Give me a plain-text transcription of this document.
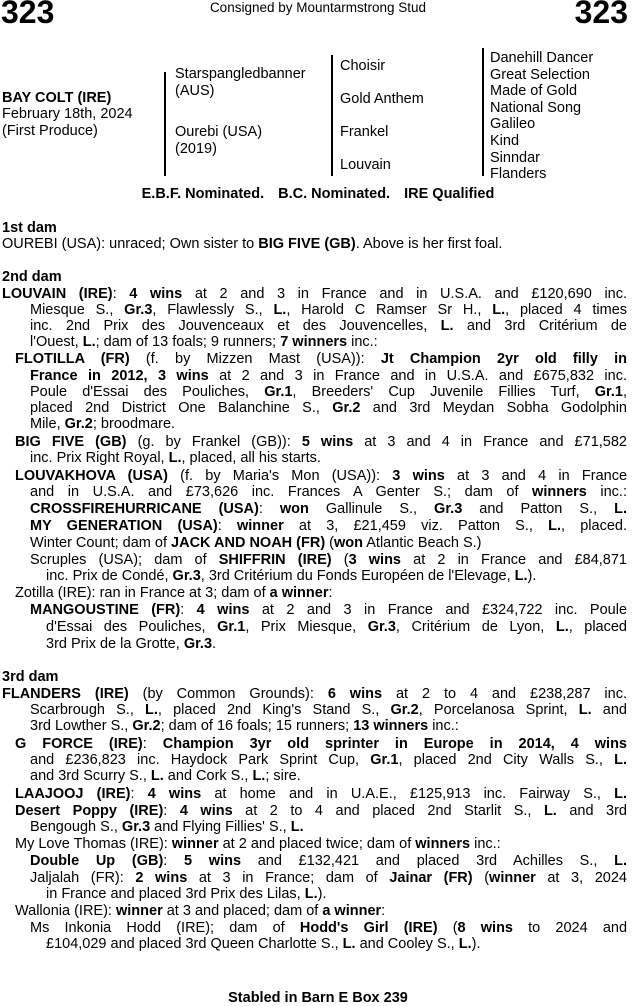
323	323
Consigned by Mountarmstrong Stud
BAY COLT (IRE)
February 18th, 2024
(First Produce)
Starspangledbanner
(AUS)
Ourebi (USA)
(2019)
Choisir
Gold Anthem
Frankel
Louvain
Danehill Dancer
Great Selection
Made of Gold
National Song
Galileo
Kind
Sinndar
Flanders
E.B.F. Nominated. B.C. Nominated. IRE Qualified
1st dam
OUREBI (USA): unraced; Own sister to BIG FIVE (GB). Above is her first foal.
2nd dam
LOUVAIN (IRE): 4 wins at 2 and 3 in France and in U.S.A. and £120,690 inc.
Miesque S., Gr.3, Flawlessly S., L., Harold C Ramser Sr H., L., placed 4 times
inc. 2nd Prix des Jouvenceaux et des Jouvencelles, L. and 3rd Critérium de
l'Ouest, L.; dam of 13 foals; 9 runners; 7 winners inc.:
FLOTILLA (FR) (f. by Mizzen Mast (USA)): Jt Champion 2yr old filly in
France in 2012, 3 wins at 2 and 3 in France and in U.S.A. and £675,832 inc.
Poule d'Essai des Pouliches, Gr.1, Breeders' Cup Juvenile Fillies Turf, Gr.1,
placed 2nd District One Balanchine S., Gr.2 and 3rd Meydan Sobha Godolphin
Mile, Gr.2; broodmare.
BIG FIVE (GB) (g. by Frankel (GB)): 5 wins at 3 and 4 in France and £71,582
inc. Prix Right Royal, L., placed, all his starts.
LOUVAKHOVA (USA) (f. by Maria's Mon (USA)): 3 wins at 3 and 4 in France
and in U.S.A. and £73,626 inc. Frances A Genter S.; dam of winners inc.:
CROSSFIREHURRICANE (USA): won Gallinule S., Gr.3 and Patton S., L.
MY GENERATION (USA): winner at 3, £21,459 viz. Patton S., L., placed.
Winter Count; dam of JACK AND NOAH (FR) (won Atlantic Beach S.)
Scruples (USA); dam of SHIFFRIN (IRE) (3 wins at 2 in France and £84,871
inc. Prix de Condé, Gr.3, 3rd Critérium du Fonds Européen de l'Elevage, L.).
Zotilla (IRE): ran in France at 3; dam of a winner:
MANGOUSTINE (FR): 4 wins at 2 and 3 in France and £324,722 inc. Poule
d'Essai des Pouliches, Gr.1, Prix Miesque, Gr.3, Critérium de Lyon, L., placed
3rd Prix de la Grotte, Gr.3.
3rd dam
FLANDERS (IRE) (by Common Grounds): 6 wins at 2 to 4 and £238,287 inc.
Scarbrough S., L., placed 2nd King's Stand S., Gr.2, Porcelanosa Sprint, L. and
3rd Lowther S., Gr.2; dam of 16 foals; 15 runners; 13 winners inc.:
G FORCE (IRE): Champion 3yr old sprinter in Europe in 2014, 4 wins
and £236,823 inc. Haydock Park Sprint Cup, Gr.1, placed 2nd City Walls S., L.
and 3rd Scurry S., L. and Cork S., L.; sire.
LAAJOOJ (IRE): 4 wins at home and in U.A.E., £125,913 inc. Fairway S., L.
Desert Poppy (IRE): 4 wins at 2 to 4 and placed 2nd Starlit S., L. and 3rd
Bengough S., Gr.3 and Flying Fillies' S., L.
My Love Thomas (IRE): winner at 2 and placed twice; dam of winners inc.:
Double Up (GB): 5 wins and £132,421 and placed 3rd Achilles S., L.
Jaljalah (FR): 2 wins at 3 in France; dam of Jainar (FR) (winner at 3, 2024
in France and placed 3rd Prix des Lilas, L.).
Wallonia (IRE): winner at 3 and placed; dam of a winner:
Ms Inkonia Hodd (IRE); dam of Hodd's Girl (IRE) (8 wins to 2024 and
£104,029 and placed 3rd Queen Charlotte S., L. and Cooley S., L.).
Stabled in Barn E Box 239
